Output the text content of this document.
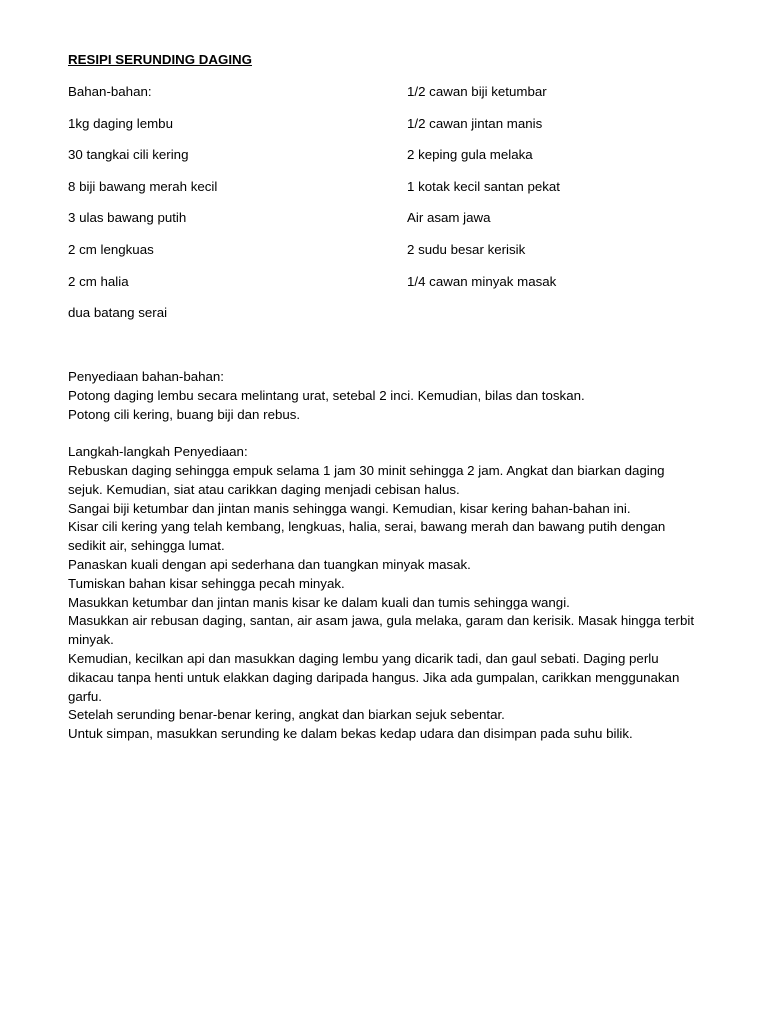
RESIPI SERUNDING DAGING
Bahan-bahan:
1kg daging lembu
30 tangkai cili kering
8 biji bawang merah kecil
3 ulas bawang putih
2 cm lengkuas
2 cm halia
dua batang serai
1/2 cawan biji ketumbar
1/2 cawan jintan manis
2 keping gula melaka
1 kotak kecil santan pekat
Air asam jawa
2 sudu besar kerisik
1/4 cawan minyak masak

Penyediaan bahan-bahan:

Potong daging lembu secara melintang urat, setebal 2 inci. Kemudian, bilas dan toskan.

Potong cili kering, buang biji dan rebus.

Langkah-langkah Penyediaan:

Rebuskan daging sehingga empuk selama 1 jam 30 minit sehingga 2 jam. Angkat dan biarkan daging sejuk. Kemudian, siat atau carikkan daging menjadi cebisan halus.

Sangai biji ketumbar dan jintan manis sehingga wangi. Kemudian, kisar kering bahan-bahan ini.

Kisar cili kering yang telah kembang, lengkuas, halia, serai, bawang merah dan bawang putih dengan sedikit air, sehingga lumat.

Panaskan kuali dengan api sederhana dan tuangkan minyak masak.

Tumiskan bahan kisar sehingga pecah minyak.

Masukkan ketumbar dan jintan manis kisar ke dalam kuali dan tumis sehingga wangi.

Masukkan air rebusan daging, santan, air asam jawa, gula melaka, garam dan kerisik. Masak hingga terbit minyak.

Kemudian, kecilkan api dan masukkan daging lembu yang dicarik tadi, dan gaul sebati. Daging perlu dikacau tanpa henti untuk elakkan daging daripada hangus. Jika ada gumpalan, carikkan menggunakan garfu.

Setelah serunding benar-benar kering, angkat dan biarkan sejuk sebentar.

Untuk simpan, masukkan serunding ke dalam bekas kedap udara dan disimpan pada suhu bilik.
